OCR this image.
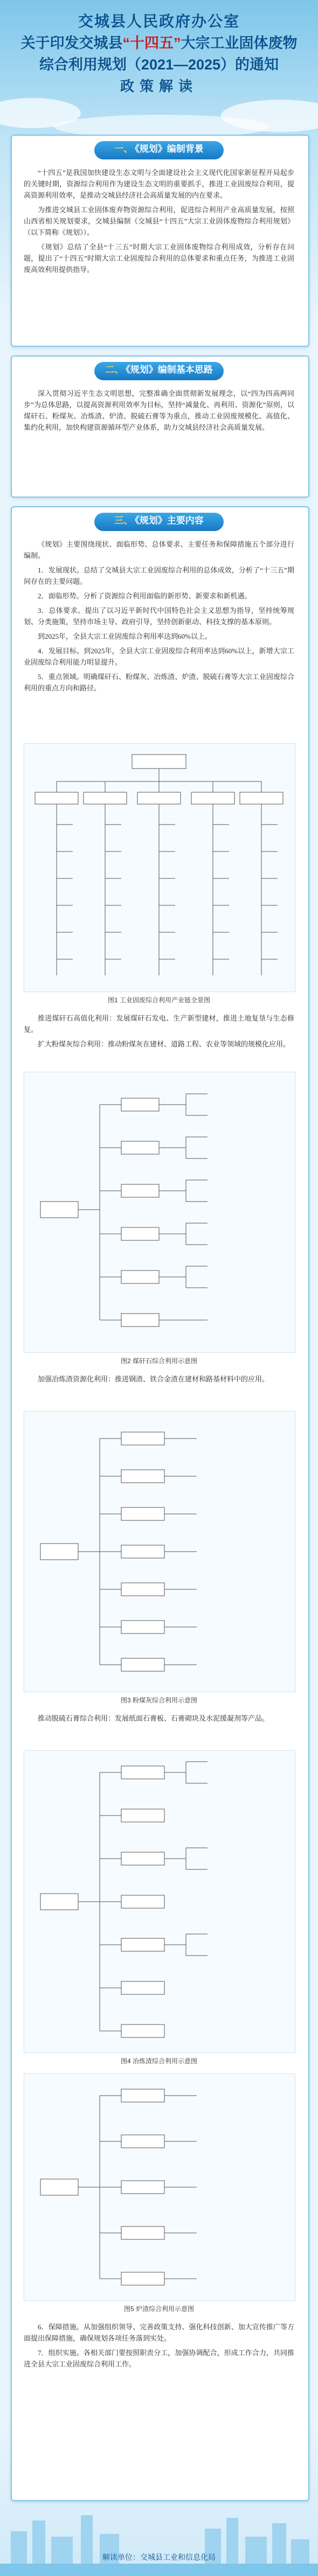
交城县人民政府办公室
关于印发交城县“十四五”大宗工业固体废物
综合利用规划（2021—2025）的通知
政策解读
一、 《规划》编制背景

“十四五”是我国加快建设生态文明与全面建设社会主义现代化国家新征程开局起步的关键时期，资源综合利用作为建设生态文明的重要抓手，推进工业固废综合利用，提高资源利用效率，是推动交城县经济社会高质量发展的内在要求。

为推进交城县工业固体废弃物资源综合利用，促进综合利用产业高质量发展，按照山西省相关规划要求，交城县编制《交城县“十四五”大宗工业固体废物综合利用规划》（以下简称《规划》）。

《规划》总结了全县“十三五”时期大宗工业固体废物综合利用成效，分析存在问题，提出了“十四五”时期大宗工业固废综合利用的总体要求和重点任务，为推进工业固废高效利用提供指导。

二、 《规划》编制基本思路

深入贯彻习近平生态文明思想，完整准确全面贯彻新发展理念，以“四为四高两同步”为总体思路，以提高资源利用效率为目标，坚持“减量化、再利用、资源化”原则，以煤矸石、粉煤灰、冶炼渣、炉渣、脱硫石膏等为重点，推动工业固废规模化、高值化、集约化利用，加快构建资源循环型产业体系，助力交城县经济社会高质量发展。

三、 《规划》主要内容

《规划》主要围绕现状、面临形势、总体要求、主要任务和保障措施五个部分进行编制。

1．发展现状。总结了交城县大宗工业固废综合利用的总体成效，分析了“十三五”期间存在的主要问题。

2．面临形势。分析了资源综合利用面临的新形势、新要求和新机遇。

3．总体要求。提出了以习近平新时代中国特色社会主义思想为指导，坚持统筹规划、分类施策，坚持市场主导、政府引导，坚持创新驱动、科技支撑的基本原则。

到2025年，全县大宗工业固废综合利用率达到60%以上。

4．发展目标。到2025年，全县大宗工业固废综合利用率达到60%以上，新增大宗工业固废综合利用能力明显提升。

5．重点领域。明确煤矸石、粉煤灰、冶炼渣、炉渣、脱硫石膏等大宗工业固废综合利用的重点方向和路径。

图1 工业固废综合利用产业链全景图

推进煤矸石高值化利用：发展煤矸石发电、生产新型建材，推进土地复垦与生态修复。

扩大粉煤灰综合利用：推动粉煤灰在建材、道路工程、农业等领域的规模化应用。

图2 煤矸石综合利用示意图

加强冶炼渣资源化利用：推进钢渣、铁合金渣在建材和路基材料中的应用。

图3 粉煤灰综合利用示意图

推动脱硫石膏综合利用：发展纸面石膏板、石膏砌块及水泥缓凝剂等产品。

图4 冶炼渣综合利用示意图
图5 炉渣综合利用示意图

6．保障措施。从加强组织领导、完善政策支持、强化科技创新、加大宣传推广等方面提出保障措施，确保规划各项任务落到实处。

7．组织实施。各相关部门要按照职责分工，加强协调配合，形成工作合力，共同推进全县大宗工业固废综合利用工作。

解读单位：交城县工业和信息化局
